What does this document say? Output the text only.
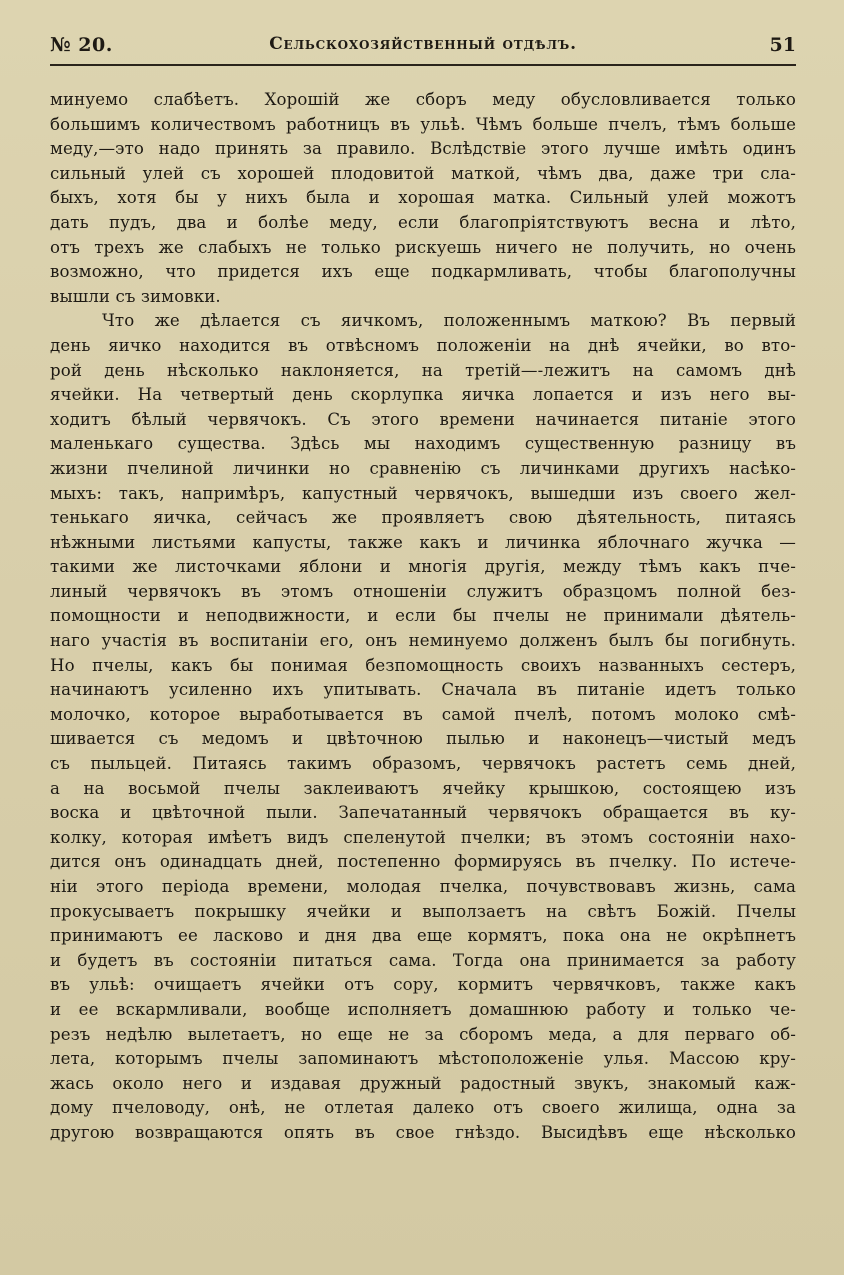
№ 20.	Сельскохозяйственный отдѣлъ.	51
минуемо слабѣетъ. Хорошiй же сборъ меду обусловливается только
большимъ количествомъ работницъ въ ульѣ. Чѣмъ больше пчелъ, тѣмъ больше
меду,—это надо принять за правило. Вслѣдствiе этого лучше имѣть одинъ
сильный улей съ хорошей плодовитой маткой, чѣмъ два, даже три сла-
быхъ, хотя бы у нихъ была и хорошая матка. Сильный улей можотъ
дать пудъ, два и болѣе меду, если благопрiятствуютъ весна и лѣто,
отъ трехъ же слабыхъ не только рискуешь ничего не получить, но очень
возможно, что придется ихъ еще подкармливать, чтобы благополучны
вышли съ зимовки.
Что же дѣлается съ яичкомъ, положеннымъ маткою? Въ первый
день яичко находится въ отвѣсномъ положенiи на днѣ ячейки, во вто-
рой день нѣсколько наклоняется, на третiй—-лежитъ на самомъ днѣ
ячейки. На четвертый день скорлупка яичка лопается и изъ него вы-
ходитъ бѣлый червячокъ. Съ этого времени начинается питанiе этого
маленькаго существа. Здѣсь мы находимъ существенную разницу въ
жизни пчелиной личинки но сравненiю съ личинками другихъ насѣко-
мыхъ: такъ, напримѣръ, капустный червячокъ, вышедши изъ своего жел-
тенькаго яичка, сейчасъ же проявляетъ свою дѣятельность, питаясь
нѣжными листьями капусты, также какъ и личинка яблочнаго жучка —
такими же листочками яблони и многiя другiя, между тѣмъ какъ пче-
линый червячокъ въ этомъ отношенiи служитъ образцомъ полной без-
помощности и неподвижности, и если бы пчелы не принимали дѣятель-
наго участiя въ воспитанiи его, онъ неминуемо долженъ былъ бы погибнуть.
Но пчелы, какъ бы понимая безпомощность своихъ названныхъ сестеръ,
начинаютъ усиленно ихъ упитывать. Сначала въ питанiе идетъ только
молочко, которое выработывается въ самой пчелѣ, потомъ молоко смѣ-
шивается съ медомъ и цвѣточною пылью и наконецъ—чистый медъ
съ пыльцей. Питаясь такимъ образомъ, червячокъ растетъ семь дней,
а на восьмой пчелы заклеиваютъ ячейку крышкою, состоящею изъ
воска и цвѣточной пыли. Запечатанный червячокъ обращается въ ку-
колку, которая имѣетъ видъ спеленутой пчелки; въ этомъ состоянiи нахо-
дится онъ одинадцать дней, постепенно формируясь въ пчелку. По истече-
нiи этого перiода времени, молодая пчелка, почувствовавъ жизнь, сама
прокусываетъ покрышку ячейки и выползаетъ на свѣтъ Божiй. Пчелы
принимаютъ ее ласково и дня два еще кормятъ, пока она не окрѣпнетъ
и будетъ въ состоянiи питаться сама. Тогда она принимается за работу
въ ульѣ: очищаетъ ячейки отъ сору, кормитъ червячковъ, также какъ
и ее вскармливали, вообще исполняетъ домашнюю работу и только че-
резъ недѣлю вылетаетъ, но еще не за сборомъ меда, а для перваго об-
лета, которымъ пчелы запоминаютъ мѣстоположенiе улья. Массою кру-
жась около него и издавая дружный радостный звукъ, знакомый каж-
дому пчеловоду, онѣ, не отлетая далеко отъ своего жилища, одна за
другою возвращаются опять въ свое гнѣздо. Высидѣвъ еще нѣсколько
